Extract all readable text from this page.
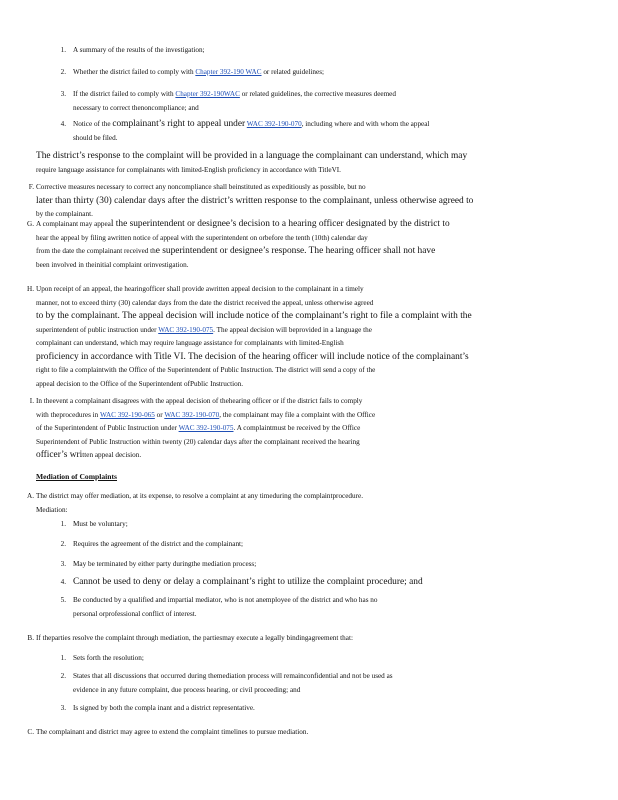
1. A summary of the results of the investigation;
2. Whether the district failed to comply with Chapter 392-190 WAC or related guidelines;
3. If the district failed to comply with Chapter 392-190WAC or related guidelines, the corrective measures deemed
necessary to correct thenoncompliance; and
4. Notice of the complainant’s right to appeal under WAC 392-190-070, including where and with whom the appeal
should be filed.
The district’s response to the complaint will be provided in a language the complainant can understand, which may
require language assistance for complainants with limited-English proficiency in accordance with TitleVI.
F. Corrective measures necessary to correct any noncompliance shall beinstituted as expeditiously as possible, but no
later than thirty (30) calendar days after the district’s written response to the complainant, unless otherwise agreed to
by the complainant.
G. A complainant may appeal the superintendent or designee’s decision to a hearing officer designated by the district to
hear the appeal by filing awritten notice of appeal with the superintendent on orbefore the tenth (10th) calendar day
from the date the complainant received the superintendent or designee’s response. The hearing officer shall not have
been involved in theinitial complaint orinvestigation.
H. Upon receipt of an appeal, the hearingofficer shall provide awritten appeal decision to the complainant in a timely
manner, not to exceed thirty (30) calendar days from the date the district received the appeal, unless otherwise agreed
to by the complainant. The appeal decision will include notice of the complainant’s right to file a complaint with the
superintendent of public instruction under WAC 392-190-075. The appeal decision will beprovided in a language the
complainant can understand, which may require language assistance for complainants with limited-English
proficiency in accordance with Title VI. The decision of the hearing officer will include notice of the complainant’s
right to file a complaintwith the Office of the Superintendent of Public Instruction. The district will send a copy of the
appeal decision to the Office of the Superintendent ofPublic Instruction.
I. In theevent a complainant disagrees with the appeal decision of thehearing officer or if the district fails to comply
with theprocedures in WAC 392-190-065 or WAC 392-190-070, the complainant may file a complaint with the Office
of the Superintendent of Public Instruction under WAC 392-190-075. A complaintmust be received by the Office
Superintendent of Public Instruction within twenty (20) calendar days after the complainant received the hearing
officer’s written appeal decision.
Mediation of Complaints
A. The district may offer mediation, at its expense, to resolve a complaint at any timeduring the complaintprocedure.
Mediation:
1. Must be voluntary;
2. Requires the agreement of the district and the complainant;
3. May be terminated by either party duringthe mediation process;
4. Cannot be used to deny or delay a complainant’s right to utilize the complaint procedure; and
5. Be conducted by a qualified and impartial mediator, who is not anemployee of the district and who has no
personal orprofessional conflict of interest.
B. If theparties resolve the complaint through mediation, the partiesmay execute a legally bindingagreement that:
1. Sets forth the resolution;
2. States that all discussions that occurred during themediation process will remainconfidential and not be used as
evidence in any future complaint, due process hearing, or civil proceeding; and
3. Is signed by both the compla inant and a district representative.
C. The complainant and district may agree to extend the complaint timelines to pursue mediation.
